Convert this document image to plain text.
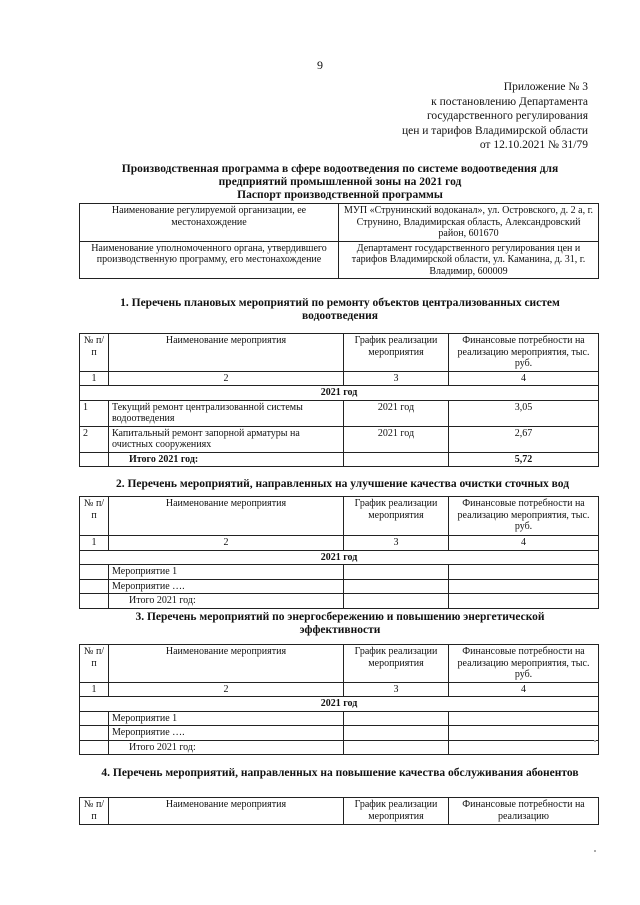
9
Приложение № 3
к постановлению Департамента
государственного регулирования
цен и тарифов Владимирской области
от 12.10.2021 № 31/79
Производственная программа в сфере водоотведения по системе водоотведения для
предприятий промышленной зоны на 2021 год
Паспорт производственной программы
Наименование регулируемой организации, ее местонахождение	МУП «Струнинский водоканал», ул. Островского, д. 2 а, г. Струнино, Владимирская область, Александровский район, 601670
Наименование уполномоченного органа, утвердившего производственную программу, его местонахождение	Департамент государственного регулирования цен и тарифов Владимирской области, ул. Каманина, д. 31, г. Владимир, 600009
1. Перечень плановых мероприятий по ремонту объектов централизованных систем водоотведения
№ п/п	Наименование мероприятия	График реализации мероприятия	Финансовые потребности на реализацию мероприятия, тыс. руб.
1	2	3	4
2021 год			
1	Текущий ремонт централизованной системы водоотведения	2021 год	3,05
2	Капитальный ремонт запорной арматуры на очистных сооружениях	2021 год	2,67
	Итого 2021 год:		5,72
2. Перечень мероприятий, направленных на улучшение качества очистки сточных вод
№ п/п	Наименование мероприятия	График реализации мероприятия	Финансовые потребности на реализацию мероприятия, тыс. руб.
1	2	3	4
2021 год			
	Мероприятие 1		
	Мероприятие ….		
	Итого 2021 год:		
3. Перечень мероприятий по энергосбережению и повышению энергетической эффективности
№ п/п	Наименование мероприятия	График реализации мероприятия	Финансовые потребности на реализацию мероприятия, тыс. руб.
1	2	3	4
2021 год			
	Мероприятие 1		
	Мероприятие ….		
	Итого 2021 год:		
4. Перечень мероприятий, направленных на повышение качества обслуживания абонентов
№ п/п	Наименование мероприятия	График реализации мероприятия	Финансовые потребности на реализацию
